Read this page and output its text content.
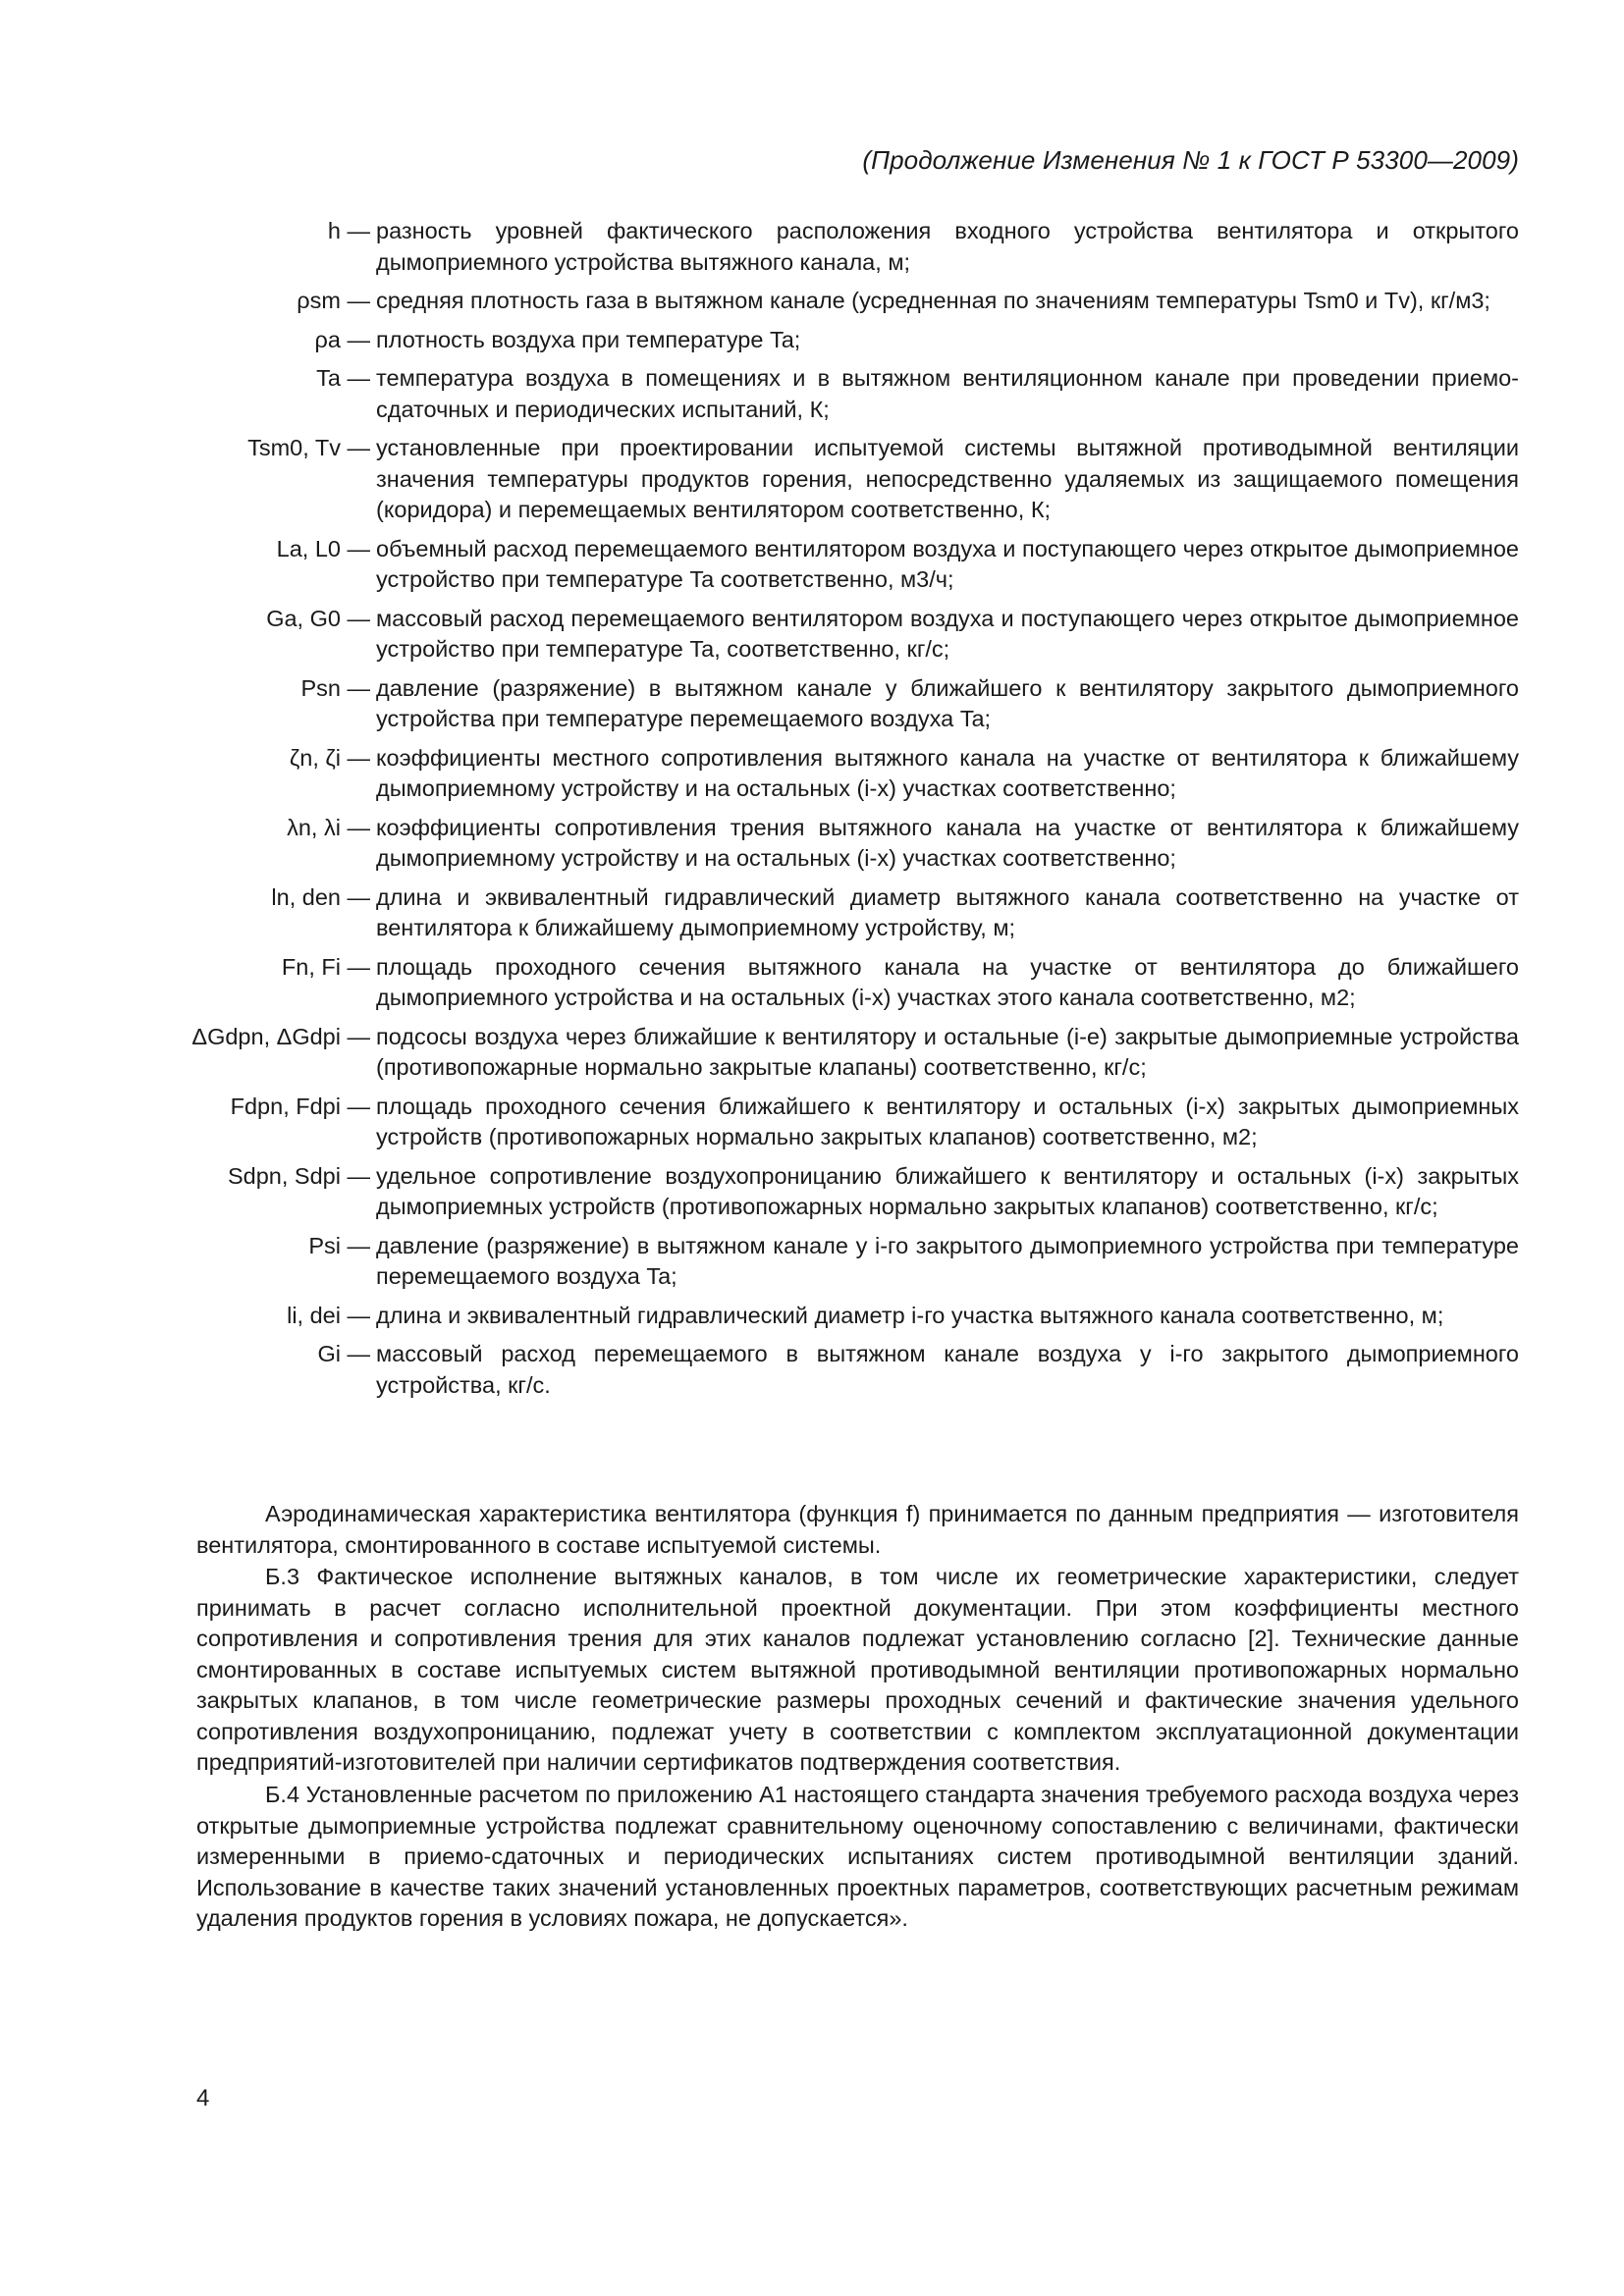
(Продолжение Изменения № 1 к ГОСТ Р 53300—2009)
h — разность уровней фактического расположения входного устройства вентилятора и открытого дымоприемного устройства вытяжного канала, м;
ρsm — средняя плотность газа в вытяжном канале (усредненная по значениям температуры Tsm0 и Tv), кг/м3;
ρa — плотность воздуха при температуре Ta;
Ta — температура воздуха в помещениях и в вытяжном вентиляционном канале при проведении приемо-сдаточных и периодических испытаний, К;
Tsm0, Tv — установленные при проектировании испытуемой системы вытяжной противодымной вентиляции значения температуры продуктов горения, непосредственно удаляемых из защищаемого помещения (коридора) и перемещаемых вентилятором соответственно, К;
La, L0 — объемный расход перемещаемого вентилятором воздуха и поступающего через открытое дымоприемное устройство при температуре Ta соответственно, м3/ч;
Ga, G0 — массовый расход перемещаемого вентилятором воздуха и поступающего через открытое дымоприемное устройство при температуре Ta, соответственно, кг/с;
Psn — давление (разряжение) в вытяжном канале у ближайшего к вентилятору закрытого дымоприемного устройства при температуре перемещаемого воздуха Ta;
ζn, ζi — коэффициенты местного сопротивления вытяжного канала на участке от вентилятора к ближайшему дымоприемному устройству и на остальных (i-х) участках соответственно;
λn, λi — коэффициенты сопротивления трения вытяжного канала на участке от вентилятора к ближайшему дымоприемному устройству и на остальных (i-х) участках соответственно;
ln, den — длина и эквивалентный гидравлический диаметр вытяжного канала соответственно на участке от вентилятора к ближайшему дымоприемному устройству, м;
Fn, Fi — площадь проходного сечения вытяжного канала на участке от вентилятора до ближайшего дымоприемного устройства и на остальных (i-х) участках этого канала соответственно, м2;
ΔGdpn, ΔGdpi — подсосы воздуха через ближайшие к вентилятору и остальные (i-е) закрытые дымоприемные устройства (противопожарные нормально закрытые клапаны) соответственно, кг/с;
Fdpn, Fdpi — площадь проходного сечения ближайшего к вентилятору и остальных (i-х) закрытых дымоприемных устройств (противопожарных нормально закрытых клапанов) соответственно, м2;
Sdpn, Sdpi — удельное сопротивление воздухопроницанию ближайшего к вентилятору и остальных (i-х) закрытых дымоприемных устройств (противопожарных нормально закрытых клапанов) соответственно, кг/с;
Psi — давление (разряжение) в вытяжном канале у i-го закрытого дымоприемного устройства при температуре перемещаемого воздуха Ta;
li, dei — длина и эквивалентный гидравлический диаметр i-го участка вытяжного канала соответственно, м;
Gi — массовый расход перемещаемого в вытяжном канале воздуха у i-го закрытого дымоприемного устройства, кг/с.
Аэродинамическая характеристика вентилятора (функция f) принимается по данным предприятия — изготовителя вентилятора, смонтированного в составе испытуемой системы.
Б.3 Фактическое исполнение вытяжных каналов, в том числе их геометрические характеристики, следует принимать в расчет согласно исполнительной проектной документации. При этом коэффициенты местного сопротивления и сопротивления трения для этих каналов подлежат установлению согласно [2]. Технические данные смонтированных в составе испытуемых систем вытяжной противодымной вентиляции противопожарных нормально закрытых клапанов, в том числе геометрические размеры проходных сечений и фактические значения удельного сопротивления воздухопроницанию, подлежат учету в соответствии с комплектом эксплуатационной документации предприятий-изготовителей при наличии сертификатов подтверждения соответствия.
Б.4 Установленные расчетом по приложению А1 настоящего стандарта значения требуемого расхода воздуха через открытые дымоприемные устройства подлежат сравнительному оценочному сопоставлению с величинами, фактически измеренными в приемо-сдаточных и периодических испытаниях систем противодымной вентиляции зданий. Использование в качестве таких значений установленных проектных параметров, соответствующих расчетным режимам удаления продуктов горения в условиях пожара, не допускается».
4
